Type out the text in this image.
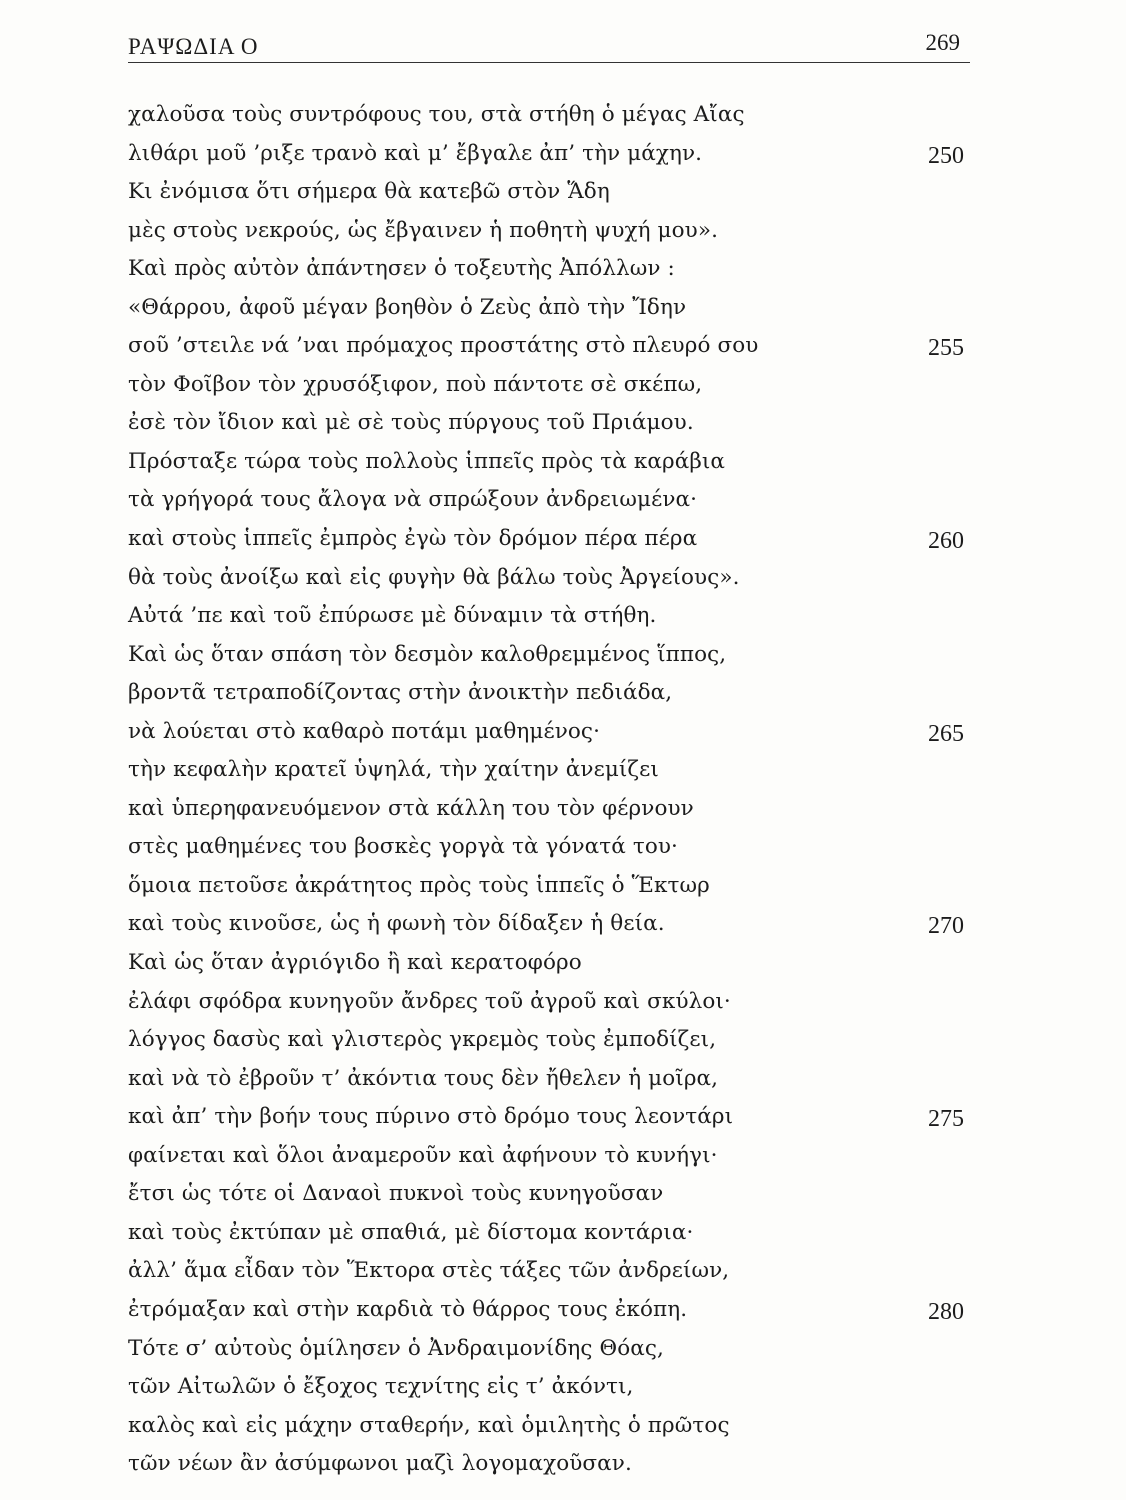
ΡΑΨΩΔΙΑ Ο	269
χαλοῦσα τοὺς συντρόφους του, στὰ στήθη ὁ μέγας Αἴας
λιθάρι μοῦ ’ριξε τρανὸ καὶ μ’ ἔβγαλε ἀπ’ τὴν μάχην.	250
Κι ἐνόμισα ὅτι σήμερα θὰ κατεβῶ στὸν Ἅδη
μὲς στοὺς νεκρούς, ὡς ἔβγαινεν ἡ ποθητὴ ψυχή μου».
Καὶ πρὸς αὐτὸν ἀπάντησεν ὁ τοξευτὴς Ἀπόλλων :
«Θάρρου, ἀφοῦ μέγαν βοηθὸν ὁ Ζεὺς ἀπὸ τὴν Ἴδην
σοῦ ’στειλε νά ’ναι πρόμαχος προστάτης στὸ πλευρό σου	255
τὸν Φοῖβον τὸν χρυσόξιφον, ποὺ πάντοτε σὲ σκέπω,
ἐσὲ τὸν ἴδιον καὶ μὲ σὲ τοὺς πύργους τοῦ Πριάμου.
Πρόσταξε τώρα τοὺς πολλοὺς ἱππεῖς πρὸς τὰ καράβια
τὰ γρήγορά τους ἄλογα νὰ σπρώξουν ἀνδρειωμένα·
καὶ στοὺς ἱππεῖς ἐμπρὸς ἐγὼ τὸν δρόμον πέρα πέρα	260
θὰ τοὺς ἀνοίξω καὶ εἰς φυγὴν θὰ βάλω τοὺς Ἀργείους».
Αὐτά ’πε καὶ τοῦ ἐπύρωσε μὲ δύναμιν τὰ στήθη.
Καὶ ὡς ὅταν σπάση τὸν δεσμὸν καλοθρεμμένος ἵππος,
βροντᾶ τετραποδίζοντας στὴν ἀνοικτὴν πεδιάδα,
νὰ λούεται στὸ καθαρὸ ποτάμι μαθημένος·	265
τὴν κεφαλὴν κρατεῖ ὑψηλά, τὴν χαίτην ἀνεμίζει
καὶ ὑπερηφανευόμενον στὰ κάλλη του τὸν φέρνουν
στὲς μαθημένες του βοσκὲς γοργὰ τὰ γόνατά του·
ὅμοια πετοῦσε ἀκράτητος πρὸς τοὺς ἱππεῖς ὁ Ἕκτωρ
καὶ τοὺς κινοῦσε, ὡς ἡ φωνὴ τὸν δίδαξεν ἡ θεία.	270
Καὶ ὡς ὅταν ἀγριόγιδο ἢ καὶ κερατοφόρο
ἐλάφι σφόδρα κυνηγοῦν ἄνδρες τοῦ ἀγροῦ καὶ σκύλοι·
λόγγος δασὺς καὶ γλιστερὸς γκρεμὸς τοὺς ἐμποδίζει,
καὶ νὰ τὸ ἐβροῦν τ’ ἀκόντια τους δὲν ἤθελεν ἡ μοῖρα,
καὶ ἀπ’ τὴν βοήν τους πύρινο στὸ δρόμο τους λεοντάρι	275
φαίνεται καὶ ὅλοι ἀναμεροῦν καὶ ἀφήνουν τὸ κυνήγι·
ἔτσι ὡς τότε οἱ Δαναοὶ πυκνοὶ τοὺς κυνηγοῦσαν
καὶ τοὺς ἐκτύπαν μὲ σπαθιά, μὲ δίστομα κοντάρια·
ἀλλ’ ἅμα εἶδαν τὸν Ἕκτορα στὲς τάξες τῶν ἀνδρείων,
ἐτρόμαξαν καὶ στὴν καρδιὰ τὸ θάρρος τους ἐκόπη.	280
Τότε σ’ αὐτοὺς ὁμίλησεν ὁ Ἀνδραιμονίδης Θόας,
τῶν Αἰτωλῶν ὁ ἔξοχος τεχνίτης εἰς τ’ ἀκόντι,
καλὸς καὶ εἰς μάχην σταθερήν, καὶ ὁμιλητὴς ὁ πρῶτος
τῶν νέων ἂν ἀσύμφωνοι μαζὶ λογομαχοῦσαν.
